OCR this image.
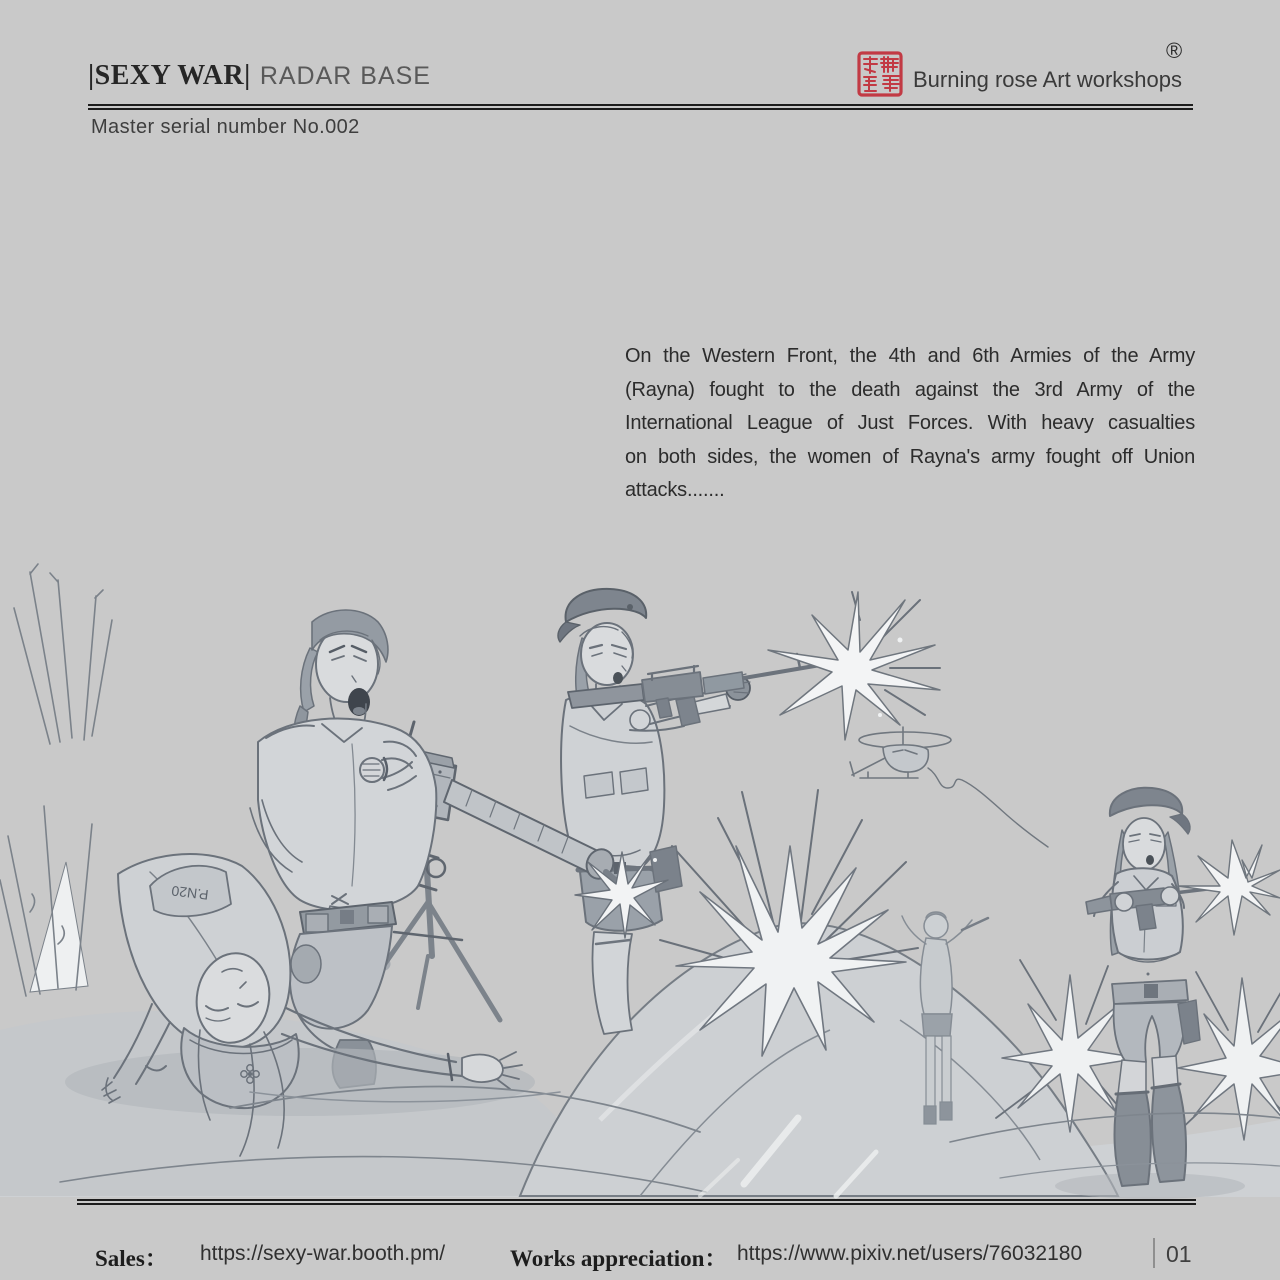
|SEXY WAR| RADAR BASE	Burning rose Art workshops
®
Master serial number No.002
On the Western Front, the 4th and 6th Armies of the Army
(Rayna) fought to the death against the 3rd Army of the
International League of Just Forces. With heavy casualties
on both sides, the women of Rayna's army fought off Union
attacks.......
P.N20
Sales： https://sexy-war.booth.pm/	Works appreciation： https://www.pixiv.net/users/76032180	01
